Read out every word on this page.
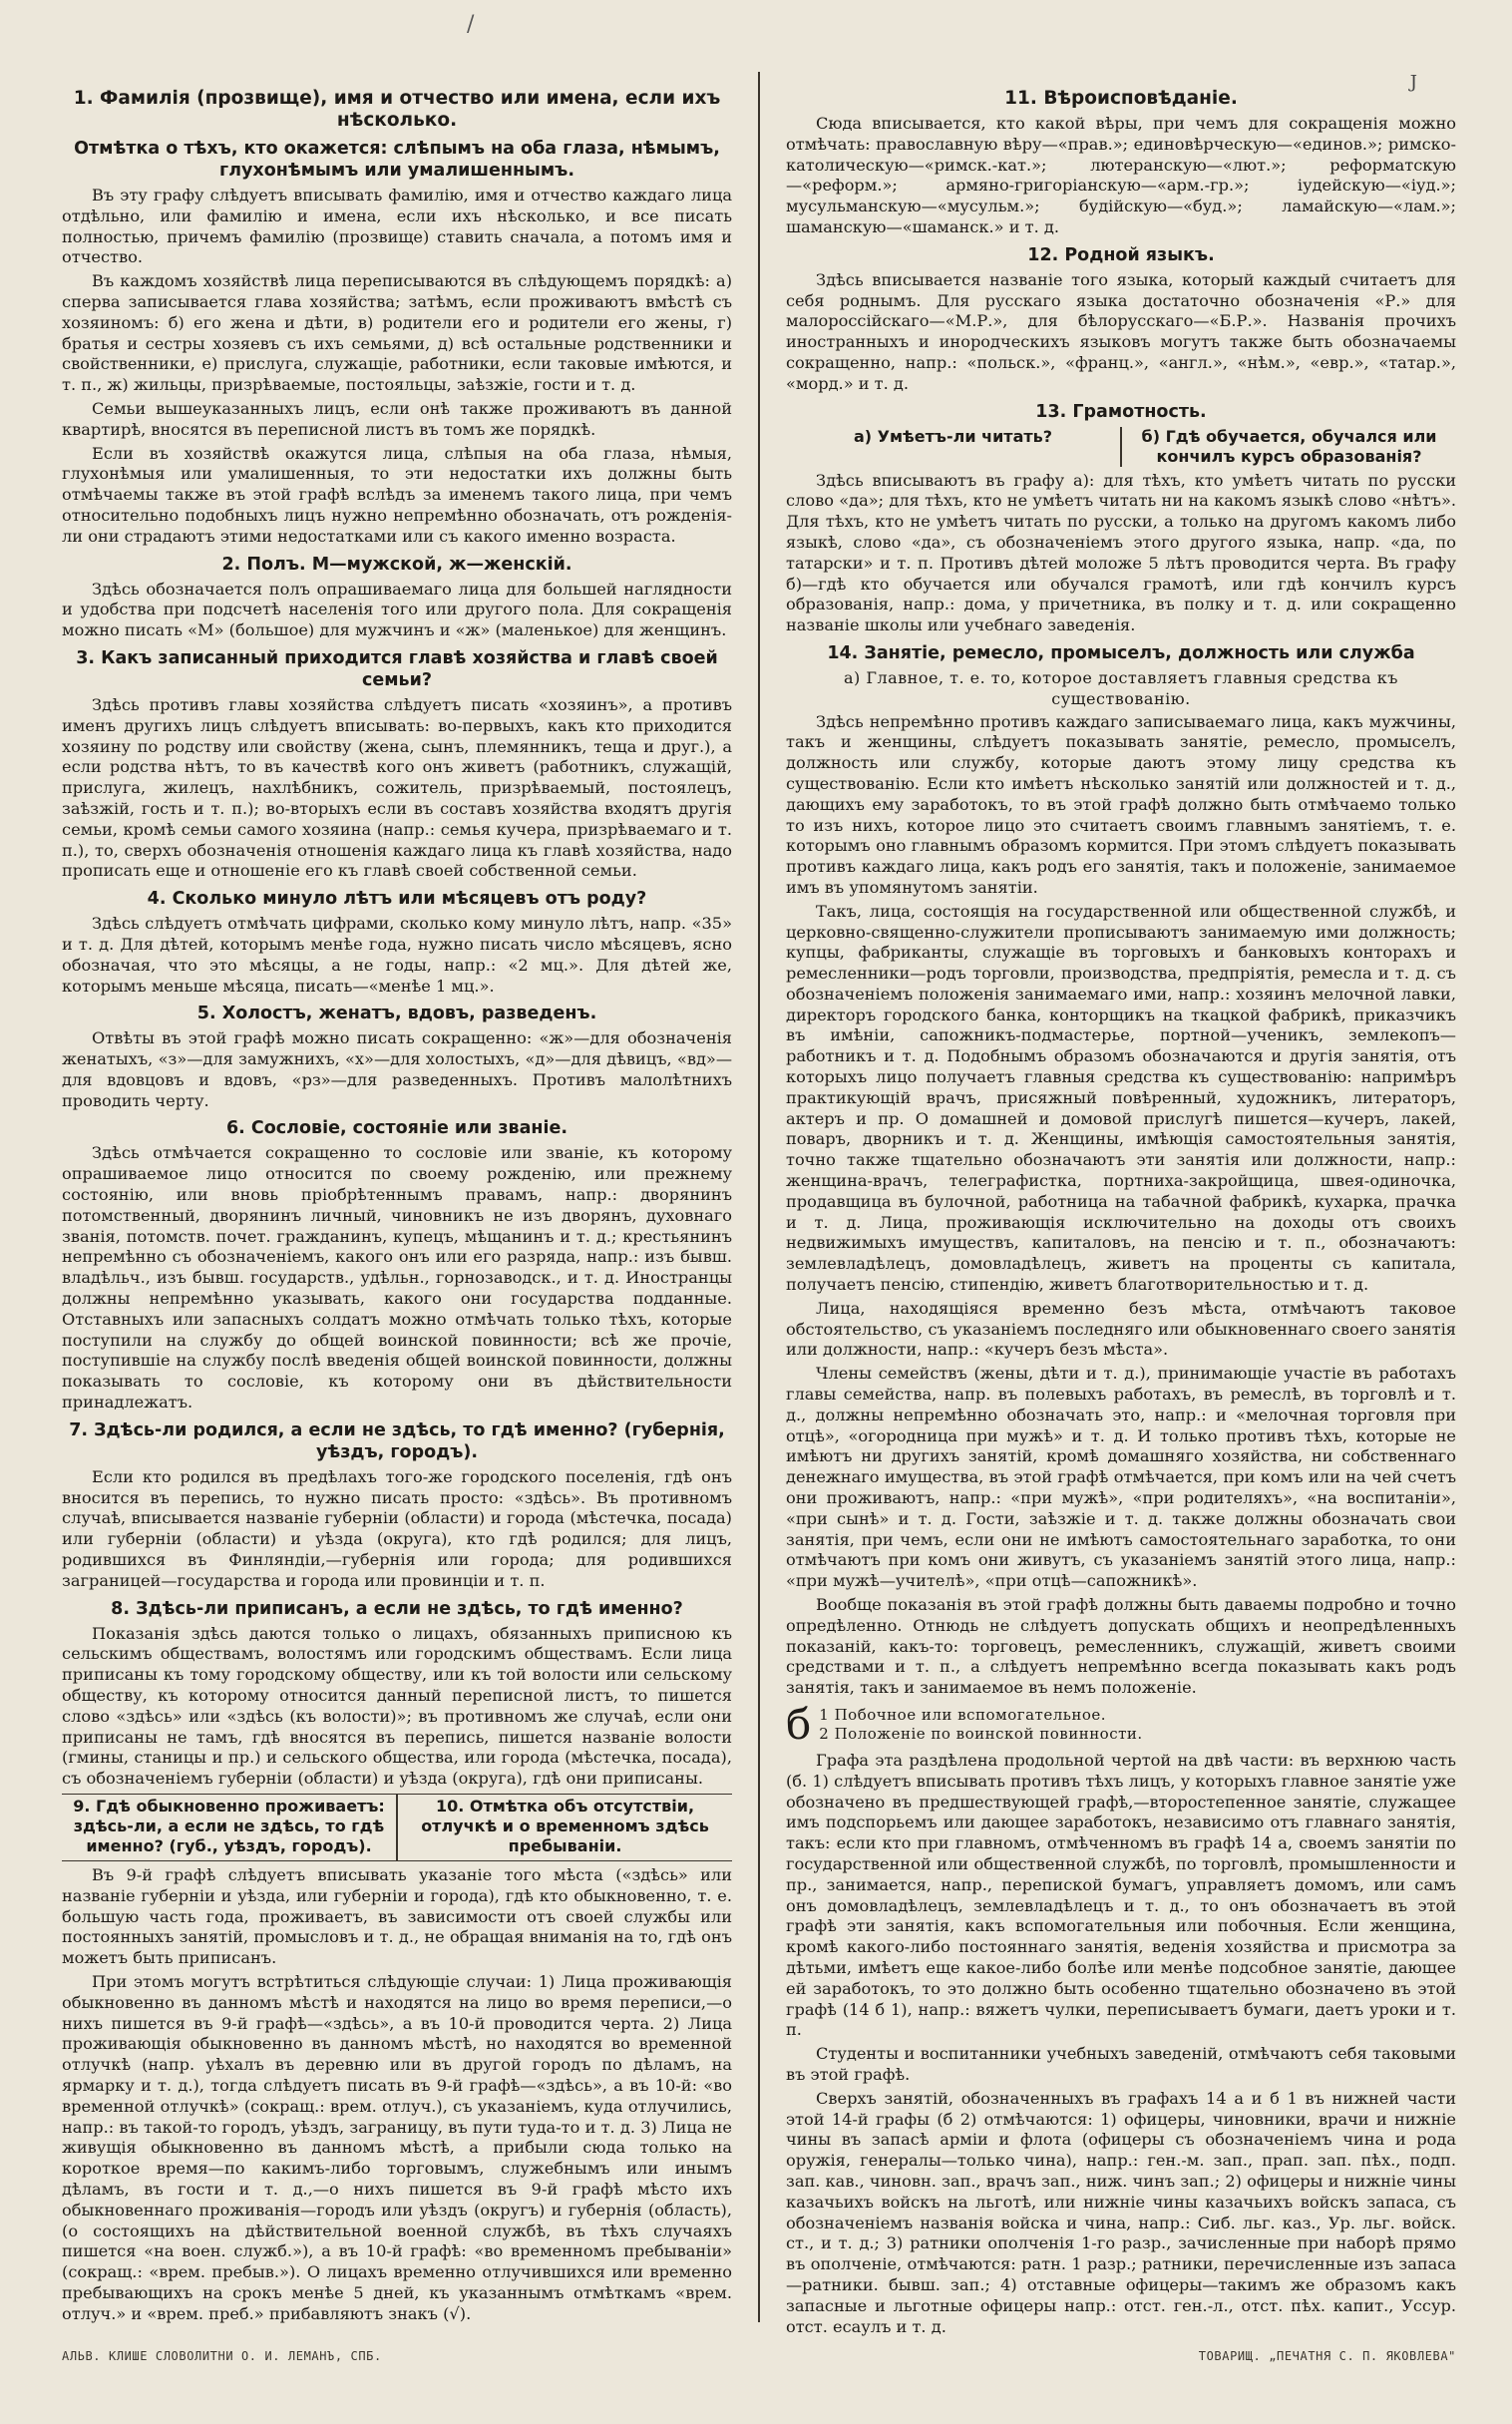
/
J
1. Фамилія (прозвище), имя и отчество или имена, если ихъ нѣсколько.
Отмѣтка о тѣхъ, кто окажется: слѣпымъ на оба глаза, нѣмымъ, глухонѣмымъ или умалишеннымъ.

Въ эту графу слѣдуетъ вписывать фамилію, имя и отчество каждаго лица отдѣльно, или фамилію и имена, если ихъ нѣсколько, и все писать полностью, причемъ фамилію (прозвище) ставить сначала, а потомъ имя и отчество.

Въ каждомъ хозяйствѣ лица переписываются въ слѣдующемъ порядкѣ: а) сперва записывается глава хозяйства; затѣмъ, если проживаютъ вмѣстѣ съ хозяиномъ: б) его жена и дѣти, в) родители его и родители его жены, г) братья и сестры хозяевъ съ ихъ семьями, д) всѣ остальные родственники и свойственники, е) прислуга, служащіе, работники, если таковые имѣются, и т. п., ж) жильцы, призрѣваемые, постояльцы, заѣзжіе, гости и т. д.

Семьи вышеуказанныхъ лицъ, если онѣ также проживаютъ въ данной квартирѣ, вносятся въ переписной листъ въ томъ же порядкѣ.

Если въ хозяйствѣ окажутся лица, слѣпыя на оба глаза, нѣмыя, глухонѣмыя или умалишенныя, то эти недостатки ихъ должны быть отмѣчаемы также въ этой графѣ вслѣдъ за именемъ такого лица, при чемъ относительно подобныхъ лицъ нужно непремѣнно обозначать, отъ рожденія-ли они страдаютъ этими недостатками или съ какого именно возраста.

2. Полъ. М—мужской, ж—женскій.

Здѣсь обозначается полъ опрашиваемаго лица для большей наглядности и удобства при подсчетѣ населенія того или другого пола. Для сокращенія можно писать «М» (большое) для мужчинъ и «ж» (маленькое) для женщинъ.

3. Какъ записанный приходится главѣ хозяйства и главѣ своей семьи?

Здѣсь противъ главы хозяйства слѣдуетъ писать «хозяинъ», а противъ именъ другихъ лицъ слѣдуетъ вписывать: во-первыхъ, какъ кто приходится хозяину по родству или свойству (жена, сынъ, племянникъ, теща и друг.), а если родства нѣтъ, то въ качествѣ кого онъ живетъ (работникъ, служащій, прислуга, жилецъ, нахлѣбникъ, сожитель, призрѣваемый, постоялецъ, заѣзжій, гость и т. п.); во-вторыхъ если въ составъ хозяйства входятъ другія семьи, кромѣ семьи самого хозяина (напр.: семья кучера, призрѣваемаго и т. п.), то, сверхъ обозначенія отношенія каждаго лица къ главѣ хозяйства, надо прописать еще и отношеніе его къ главѣ своей собственной семьи.

4. Сколько минуло лѣтъ или мѣсяцевъ отъ роду?

Здѣсь слѣдуетъ отмѣчать цифрами, сколько кому минуло лѣтъ, напр. «35» и т. д. Для дѣтей, которымъ менѣе года, нужно писать число мѣсяцевъ, ясно обозначая, что это мѣсяцы, а не годы, напр.: «2 мц.». Для дѣтей же, которымъ меньше мѣсяца, писать—«менѣе 1 мц.».

5. Холостъ, женатъ, вдовъ, разведенъ.

Отвѣты въ этой графѣ можно писать сокращенно: «ж»—для обозначенія женатыхъ, «з»—для замужнихъ, «х»—для холостыхъ, «д»—для дѣвицъ, «вд»—для вдовцовъ и вдовъ, «рз»—для разведенныхъ. Противъ малолѣтнихъ проводить черту.

6. Сословіе, состояніе или званіе.

Здѣсь отмѣчается сокращенно то сословіе или званіе, къ которому опрашиваемое лицо относится по своему рожденію, или прежнему состоянію, или вновь пріобрѣтеннымъ правамъ, напр.: дворянинъ потомственный, дворянинъ личный, чиновникъ не изъ дворянъ, духовнаго званія, потомств. почет. гражданинъ, купецъ, мѣщанинъ и т. д.; крестьянинъ непремѣнно съ обозначеніемъ, какого онъ или его разряда, напр.: изъ бывш. владѣльч., изъ бывш. государств., удѣльн., горнозаводск., и т. д. Иностранцы должны непремѣнно указывать, какого они государства подданные. Отставныхъ или запасныхъ солдатъ можно отмѣчать только тѣхъ, которые поступили на службу до общей воинской повинности; всѣ же прочіе, поступившіе на службу послѣ введенія общей воинской повинности, должны показывать то сословіе, къ которому они въ дѣйствительности принадлежатъ.

7. Здѣсь-ли родился, а если не здѣсь, то гдѣ именно? (губернія, уѣздъ, городъ).

Если кто родился въ предѣлахъ того-же городского поселенія, гдѣ онъ вносится въ перепись, то нужно писать просто: «здѣсь». Въ противномъ случаѣ, вписывается названіе губерніи (области) и города (мѣстечка, посада) или губерніи (области) и уѣзда (округа), кто гдѣ родился; для лицъ, родившихся въ Финляндіи,—губернія или города; для родившихся заграницей—государства и города или провинціи и т. п.

8. Здѣсь-ли приписанъ, а если не здѣсь, то гдѣ именно?

Показанія здѣсь даются только о лицахъ, обязанныхъ приписною къ сельскимъ обществамъ, волостямъ или городскимъ обществамъ. Если лица приписаны къ тому городскому обществу, или къ той волости или сельскому обществу, къ которому относится данный переписной листъ, то пишется слово «здѣсь» или «здѣсь (къ волости)»; въ противномъ же случаѣ, если они приписаны не тамъ, гдѣ вносятся въ перепись, пишется названіе волости (гмины, станицы и пр.) и сельского общества, или города (мѣстечка, посада), съ обозначеніемъ губерніи (области) и уѣзда (округа), гдѣ они приписаны.

9. Гдѣ обыкновенно проживаетъ: здѣсь-ли, а если не здѣсь, то гдѣ именно? (губ., уѣздъ, городъ).
10. Отмѣтка объ отсутствіи, отлучкѣ и о временномъ здѣсь пребываніи.

Въ 9-й графѣ слѣдуетъ вписывать указаніе того мѣста («здѣсь» или названіе губерніи и уѣзда, или губерніи и города), гдѣ кто обыкновенно, т. е. большую часть года, проживаетъ, въ зависимости отъ своей службы или постоянныхъ занятій, промысловъ и т. д., не обращая вниманія на то, гдѣ онъ можетъ быть приписанъ.

При этомъ могутъ встрѣтиться слѣдующіе случаи: 1) Лица проживающія обыкновенно въ данномъ мѣстѣ и находятся на лицо во время переписи,—о нихъ пишется въ 9-й графѣ—«здѣсь», а въ 10-й проводится черта. 2) Лица проживающія обыкновенно въ данномъ мѣстѣ, но находятся во временной отлучкѣ (напр. уѣхалъ въ деревню или въ другой городъ по дѣламъ, на ярмарку и т. д.), тогда слѣдуетъ писать въ 9-й графѣ—«здѣсь», а въ 10-й: «во временной отлучкѣ» (сокращ.: врем. отлуч.), съ указаніемъ, куда отлучились, напр.: въ такой-то городъ, уѣздъ, заграницу, въ пути туда-то и т. д. 3) Лица не живущія обыкновенно въ данномъ мѣстѣ, а прибыли сюда только на короткое время—по какимъ-либо торговымъ, служебнымъ или инымъ дѣламъ, въ гости и т. д.,—о нихъ пишется въ 9-й графѣ мѣсто ихъ обыкновеннаго проживанія—городъ или уѣздъ (округъ) и губернія (область), (о состоящихъ на дѣйствительной военной службѣ, въ тѣхъ случаяхъ пишется «на воен. служб.»), а въ 10-й графѣ: «во временномъ пребываніи» (сокращ.: «врем. пребыв.»). О лицахъ временно отлучившихся или временно пребывающихъ на срокъ менѣе 5 дней, къ указаннымъ отмѣткамъ «врем. отлуч.» и «врем. преб.» прибавляютъ знакъ (√).

11. Вѣроисповѣданіе.

Сюда вписывается, кто какой вѣры, при чемъ для сокращенія можно отмѣчать: православную вѣру—«прав.»; единовѣрческую—«единов.»; римско-католическую—«римск.-кат.»; лютеранскую—«лют.»; реформатскую—«реформ.»; армяно-григоріанскую—«арм.-гр.»; іудейскую—«іуд.»; мусульманскую—«мусульм.»; будійскую—«буд.»; ламайскую—«лам.»; шаманскую—«шаманск.» и т. д.

12. Родной языкъ.

Здѣсь вписывается названіе того языка, который каждый считаетъ для себя роднымъ. Для русскаго языка достаточно обозначенія «Р.» для малороссійскаго—«М.Р.», для бѣлорусскаго—«Б.Р.». Названія прочихъ иностранныхъ и инородческихъ языковъ могутъ также быть обозначаемы сокращенно, напр.: «польск.», «франц.», «англ.», «нѣм.», «евр.», «татар.», «морд.» и т. д.

13. Грамотность.
а) Умѣетъ-ли читать?	б) Гдѣ обучается, обучался или кончилъ курсъ образованія?

Здѣсь вписываютъ въ графу а): для тѣхъ, кто умѣетъ читать по русски слово «да»; для тѣхъ, кто не умѣетъ читать ни на какомъ языкѣ слово «нѣтъ». Для тѣхъ, кто не умѣетъ читать по русски, а только на другомъ какомъ либо языкѣ, слово «да», съ обозначеніемъ этого другого языка, напр. «да, по татарски» и т. п. Противъ дѣтей моложе 5 лѣтъ проводится черта. Въ графу б)—гдѣ кто обучается или обучался грамотѣ, или гдѣ кончилъ курсъ образованія, напр.: дома, у причетника, въ полку и т. д. или сокращенно названіе школы или учебнаго заведенія.

14. Занятіе, ремесло, промыселъ, должность или служба
а) Главное, т. е. то, которое доставляетъ главныя средства къ существованію.

Здѣсь непремѣнно противъ каждаго записываемаго лица, какъ мужчины, такъ и женщины, слѣдуетъ показывать занятіе, ремесло, промыселъ, должность или службу, которые даютъ этому лицу средства къ существованію. Если кто имѣетъ нѣсколько занятій или должностей и т. д., дающихъ ему заработокъ, то въ этой графѣ должно быть отмѣчаемо только то изъ нихъ, которое лицо это считаетъ своимъ главнымъ занятіемъ, т. е. которымъ оно главнымъ образомъ кормится. При этомъ слѣдуетъ показывать противъ каждаго лица, какъ родъ его занятія, такъ и положеніе, занимаемое имъ въ упомянутомъ занятіи.

Такъ, лица, состоящія на государственной или общественной службѣ, и церковно-священно-служители прописываютъ занимаемую ими должность; купцы, фабриканты, служащіе въ торговыхъ и банковыхъ конторахъ и ремесленники—родъ торговли, производства, предпріятія, ремесла и т. д. съ обозначеніемъ положенія занимаемаго ими, напр.: хозяинъ мелочной лавки, директоръ городского банка, конторщикъ на ткацкой фабрикѣ, приказчикъ въ имѣніи, сапожникъ-подмастерье, портной—ученикъ, землекопъ—работникъ и т. д. Подобнымъ образомъ обозначаются и другія занятія, отъ которыхъ лицо получаетъ главныя средства къ существованію: напримѣръ практикующій врачъ, присяжный повѣренный, художникъ, литераторъ, актеръ и пр. О домашней и домовой прислугѣ пишется—кучеръ, лакей, поваръ, дворникъ и т. д. Женщины, имѣющія самостоятельныя занятія, точно также тщательно обозначаютъ эти занятія или должности, напр.: женщина-врачъ, телеграфистка, портниха-закройщица, швея-одиночка, продавщица въ булочной, работница на табачной фабрикѣ, кухарка, прачка и т. д. Лица, проживающія исключительно на доходы отъ своихъ недвижимыхъ имуществъ, капиталовъ, на пенсію и т. п., обозначаютъ: землевладѣлецъ, домовладѣлецъ, живетъ на проценты съ капитала, получаетъ пенсію, стипендію, живетъ благотворительностью и т. д.

Лица, находящіяся временно безъ мѣста, отмѣчаютъ таковое обстоятельство, съ указаніемъ последняго или обыкновеннаго своего занятія или должности, напр.: «кучеръ безъ мѣста».

Члены семействъ (жены, дѣти и т. д.), принимающіе участіе въ работахъ главы семейства, напр. въ полевыхъ работахъ, въ ремеслѣ, въ торговлѣ и т. д., должны непремѣнно обозначать это, напр.: и «мелочная торговля при отцѣ», «огородница при мужѣ» и т. д. И только противъ тѣхъ, которые не имѣютъ ни другихъ занятій, кромѣ домашняго хозяйства, ни собственнаго денежнаго имущества, въ этой графѣ отмѣчается, при комъ или на чей счетъ они проживаютъ, напр.: «при мужѣ», «при родителяхъ», «на воспитаніи», «при сынѣ» и т. д. Гости, заѣзжіе и т. д. также должны обозначать свои занятія, при чемъ, если они не имѣютъ самостоятельнаго заработка, то они отмѣчаютъ при комъ они живутъ, съ указаніемъ занятій этого лица, напр.: «при мужѣ—учителѣ», «при отцѣ—сапожникѣ».

Вообще показанія въ этой графѣ должны быть даваемы подробно и точно опредѣленно. Отнюдь не слѣдуетъ допускать общихъ и неопредѣленныхъ показаній, какъ-то: торговецъ, ремесленникъ, служащій, живетъ своими средствами и т. п., а слѣдуетъ непремѣнно всегда показывать какъ родъ занятія, такъ и занимаемое въ немъ положеніе.

б 1 Побочное или вспомогательное.
2 Положеніе по воинской повинности.

Графа эта раздѣлена продольной чертой на двѣ части: въ верхнюю часть (б. 1) слѣдуетъ вписывать противъ тѣхъ лицъ, у которыхъ главное занятіе уже обозначено въ предшествующей графѣ,—второстепенное занятіе, служащее имъ подспорьемъ или дающее заработокъ, независимо отъ главнаго занятія, такъ: если кто при главномъ, отмѣченномъ въ графѣ 14 а, своемъ занятіи по государственной или общественной службѣ, по торговлѣ, промышленности и пр., занимается, напр., перепиской бумагъ, управляетъ домомъ, или самъ онъ домовладѣлецъ, землевладѣлецъ и т. д., то онъ обозначаетъ въ этой графѣ эти занятія, какъ вспомогательныя или побочныя. Если женщина, кромѣ какого-либо постояннаго занятія, веденія хозяйства и присмотра за дѣтьми, имѣетъ еще какое-либо болѣе или менѣе подсобное занятіе, дающее ей заработокъ, то это должно быть особенно тщательно обозначено въ этой графѣ (14 б 1), напр.: вяжетъ чулки, переписываетъ бумаги, даетъ уроки и т. п.

Студенты и воспитанники учебныхъ заведеній, отмѣчаютъ себя таковыми въ этой графѣ.

Сверхъ занятій, обозначенныхъ въ графахъ 14 а и б 1 въ нижней части этой 14-й графы (б 2) отмѣчаются: 1) офицеры, чиновники, врачи и нижніе чины въ запасѣ арміи и флота (офицеры съ обозначеніемъ чина и рода оружія, генералы—только чина), напр.: ген.-м. зап., прап. зап. пѣх., подп. зап. кав., чиновн. зап., врачъ зап., ниж. чинъ зап.; 2) офицеры и нижніе чины казачьихъ войскъ на льготѣ, или нижніе чины казачьихъ войскъ запаса, съ обозначеніемъ названія войска и чина, напр.: Сиб. льг. каз., Ур. льг. войск. ст., и т. д.; 3) ратники ополченія 1-го разр., зачисленные при наборѣ прямо въ ополченіе, отмѣчаются: ратн. 1 разр.; ратники, перечисленные изъ запаса—ратники. бывш. зап.; 4) отставные офицеры—такимъ же образомъ какъ запасные и льготные офицеры напр.: отст. ген.-л., отст. пѣх. капит., Уссур. отст. есаулъ и т. д.

АЛЬВ. КЛИШЕ СЛОВОЛИТНИ О. И. ЛЕМАНЪ, СПБ.	ТОВАРИЩ. „ПЕЧАТНЯ С. П. ЯКОВЛЕВА"
